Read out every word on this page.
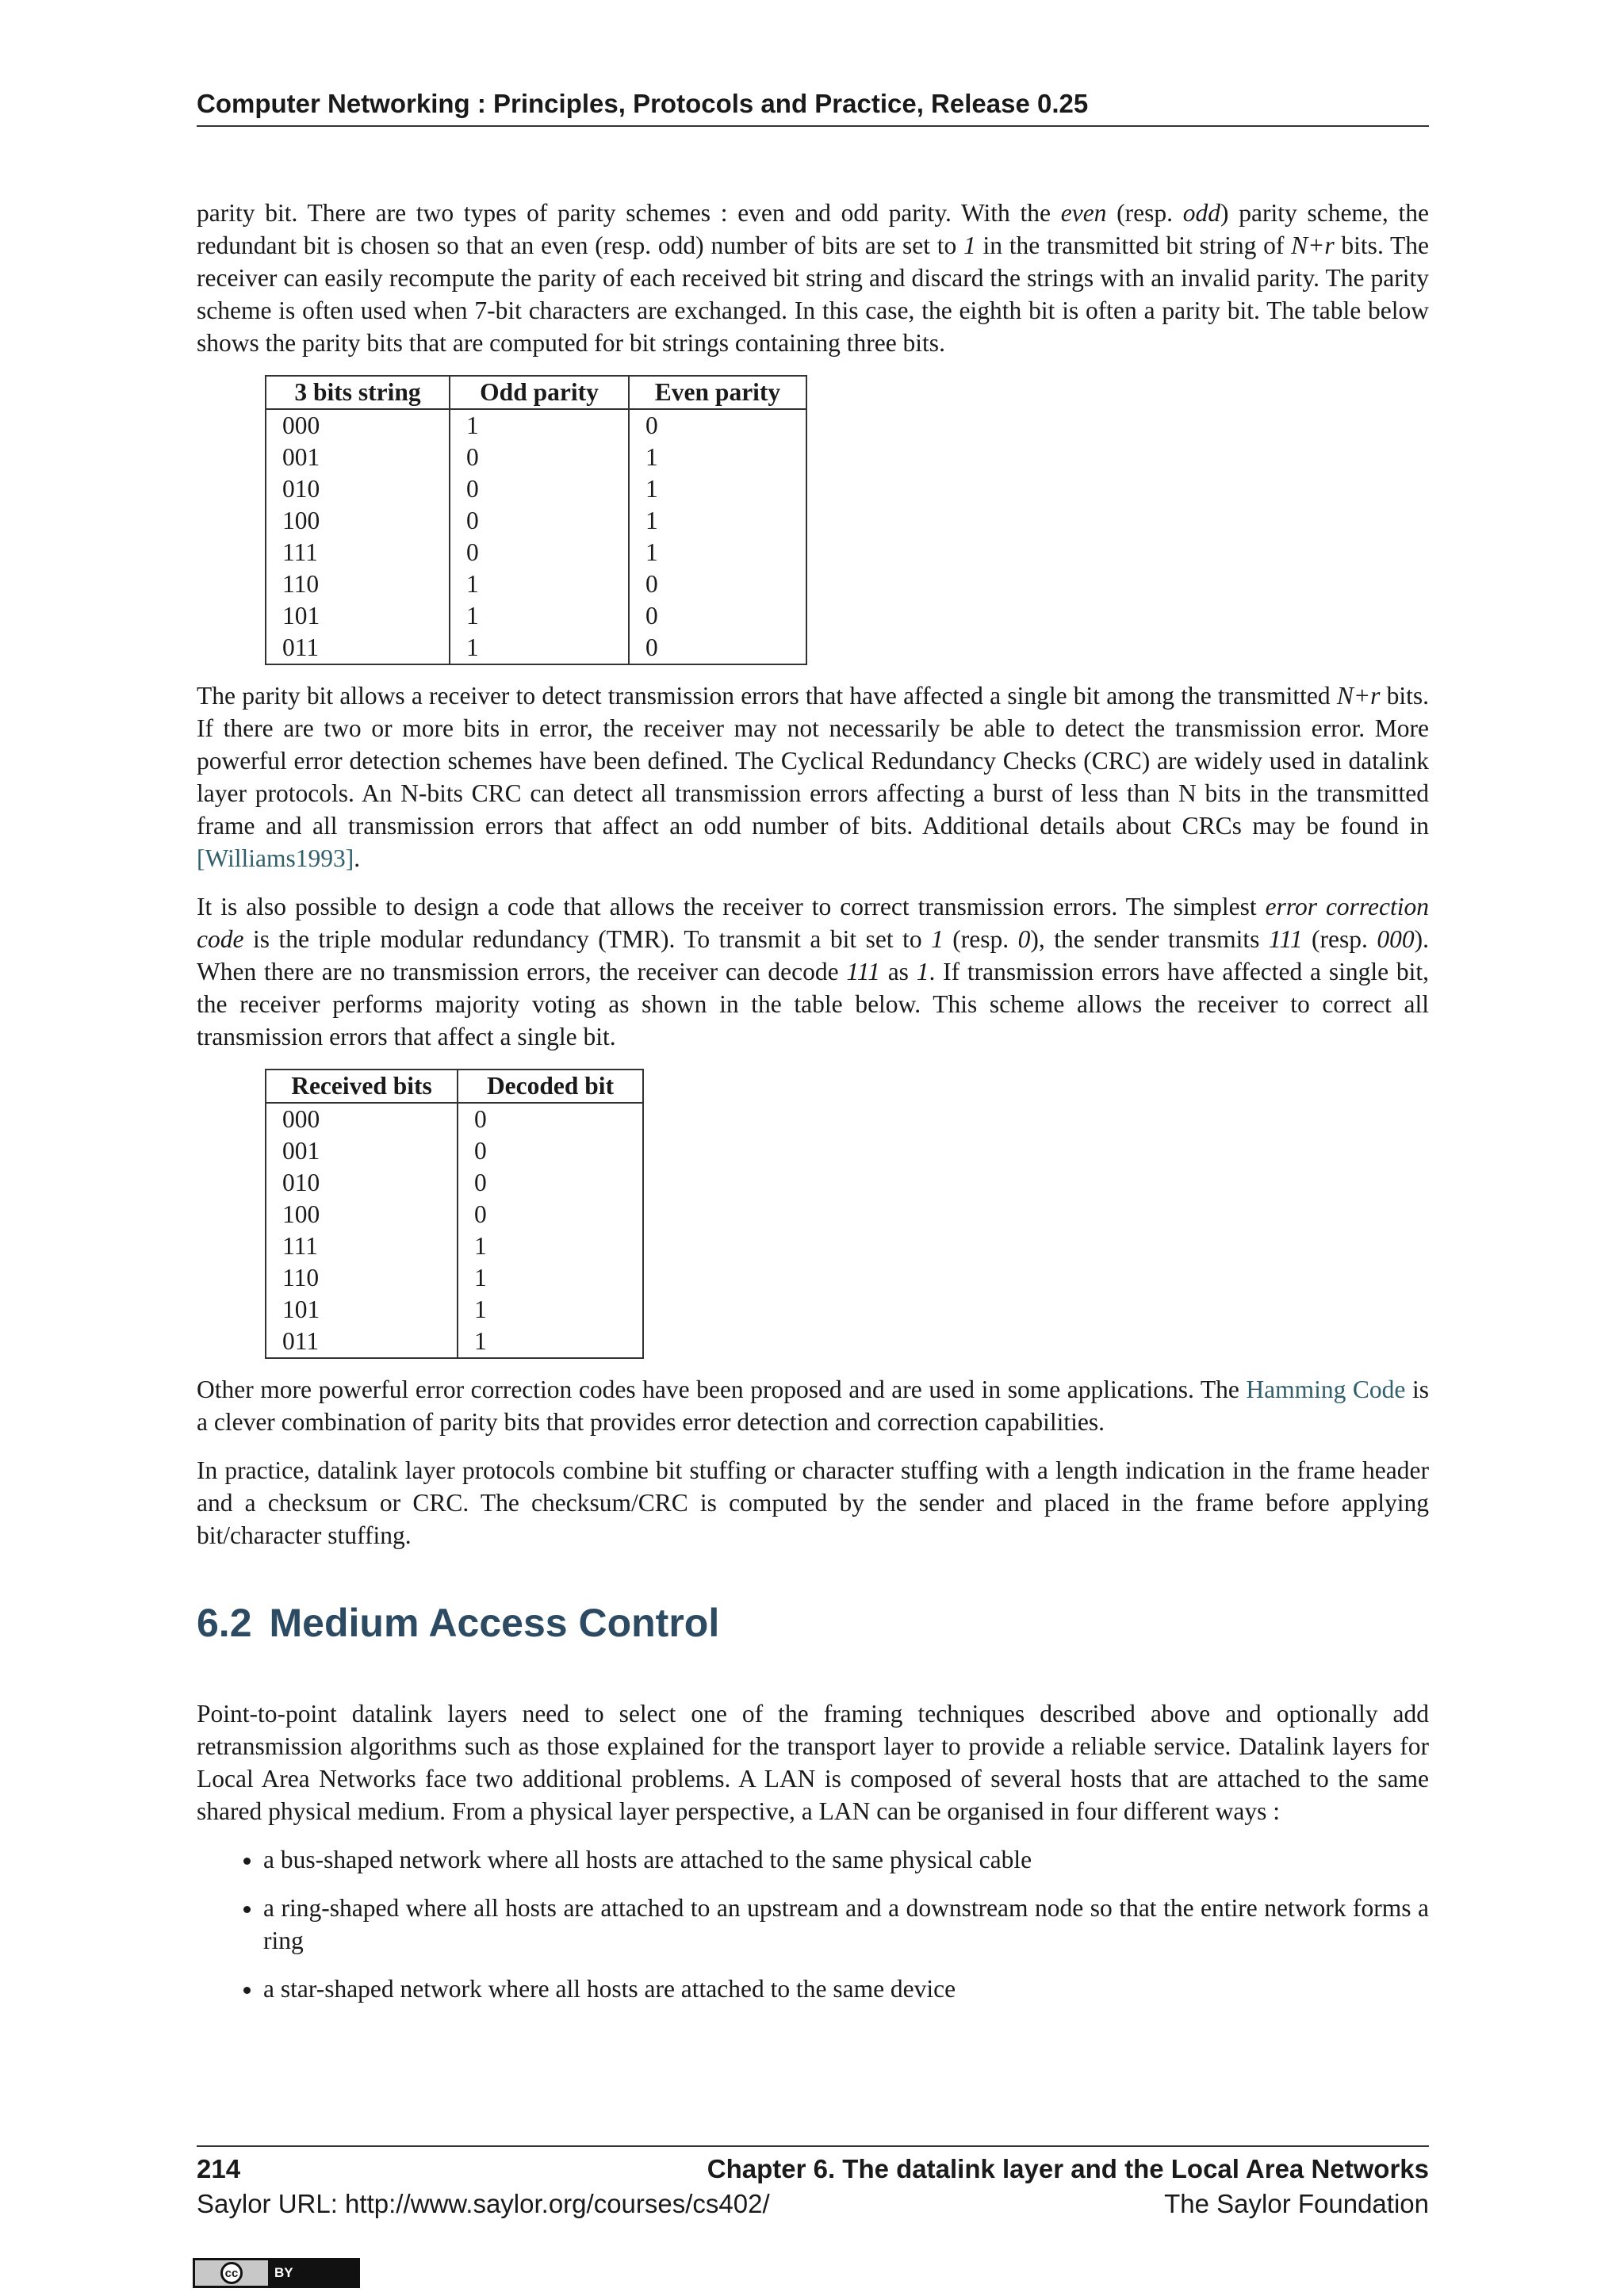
Computer Networking : Principles, Protocols and Practice, Release 0.25

parity bit. There are two types of parity schemes : even and odd parity. With the even (resp. odd) parity scheme, the redundant bit is chosen so that an even (resp. odd) number of bits are set to 1 in the transmitted bit string of N+r bits. The receiver can easily recompute the parity of each received bit string and discard the strings with an invalid parity. The parity scheme is often used when 7-bit characters are exchanged. In this case, the eighth bit is often a parity bit. The table below shows the parity bits that are computed for bit strings containing three bits.

3 bits string	Odd parity	Even parity
000	1	0
001	0	1
010	0	1
100	0	1
111	0	1
110	1	0
101	1	0
011	1	0

The parity bit allows a receiver to detect transmission errors that have affected a single bit among the transmitted N+r bits. If there are two or more bits in error, the receiver may not necessarily be able to detect the transmission error. More powerful error detection schemes have been defined. The Cyclical Redundancy Checks (CRC) are widely used in datalink layer protocols. An N-bits CRC can detect all transmission errors affecting a burst of less than N bits in the transmitted frame and all transmission errors that affect an odd number of bits. Additional details about CRCs may be found in [Williams1993].

It is also possible to design a code that allows the receiver to correct transmission errors. The simplest error correction code is the triple modular redundancy (TMR). To transmit a bit set to 1 (resp. 0), the sender transmits 111 (resp. 000). When there are no transmission errors, the receiver can decode 111 as 1. If transmission errors have affected a single bit, the receiver performs majority voting as shown in the table below. This scheme allows the receiver to correct all transmission errors that affect a single bit.

Received bits	Decoded bit
000	0
001	0
010	0
100	0
111	1
110	1
101	1
011	1

Other more powerful error correction codes have been proposed and are used in some applications. The Hamming Code is a clever combination of parity bits that provides error detection and correction capabilities.

In practice, datalink layer protocols combine bit stuffing or character stuffing with a length indication in the frame header and a checksum or CRC. The checksum/CRC is computed by the sender and placed in the frame before applying bit/character stuffing.

6.2 Medium Access Control

Point-to-point datalink layers need to select one of the framing techniques described above and optionally add retransmission algorithms such as those explained for the transport layer to provide a reliable service. Datalink layers for Local Area Networks face two additional problems. A LAN is composed of several hosts that are attached to the same shared physical medium. From a physical layer perspective, a LAN can be organised in four different ways :

• a bus-shaped network where all hosts are attached to the same physical cable
• a ring-shaped where all hosts are attached to an upstream and a downstream node so that the entire network forms a ring
• a star-shaped network where all hosts are attached to the same device
214	Chapter 6. The datalink layer and the Local Area Networks
Saylor URL: http://www.saylor.org/courses/cs402/	The Saylor Foundation
cc	BY
